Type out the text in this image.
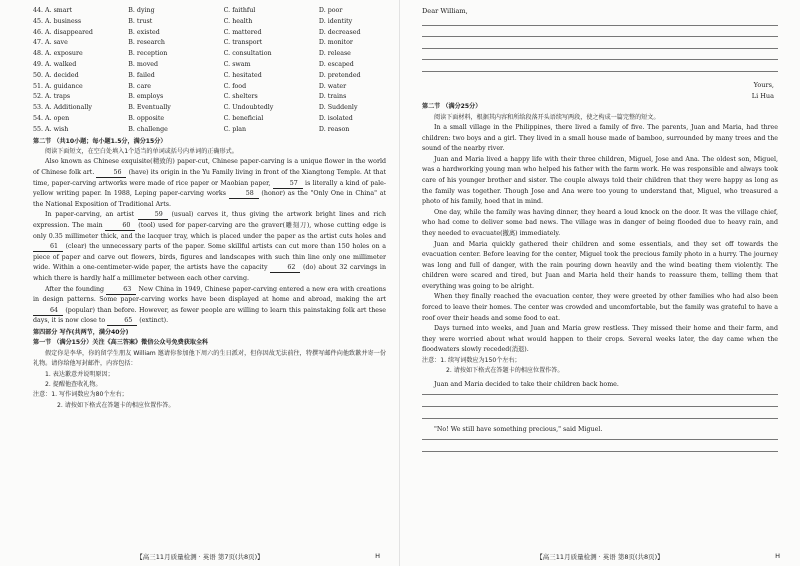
44. A. smart	B. dying	C. faithful	D. poor
45. A. business	B. trust	C. health	D. identity
46. A. disappeared	B. existed	C. mattered	D. decreased
47. A. save	B. research	C. transport	D. monitor
48. A. exposure	B. reception	C. consultation	D. release
49. A. walked	B. moved	C. swam	D. escaped
50. A. decided	B. failed	C. hesitated	D. pretended
51. A. guidance	B. care	C. food	D. water
52. A. traps	B. employs	C. shelters	D. trains
53. A. Additionally	B. Eventually	C. Undoubtedly	D. Suddenly
54. A. open	B. opposite	C. beneficial	D. isolated
55. A. wish	B. challenge	C. plan	D. reason

第二节 （共10小题；每小题1.5分，满分15分）

阅读下面短文，在空白处填入1个适当的单词或括号内单词的正确形式。

Also known as Chinese exquisite(精致的) paper-cut, Chinese paper-carving is a unique flower in the world of Chinese folk art.	56 (have) its origin in the Yu Family living in front of the Xiangtong Temple. At that time, paper-carving artworks were made of rice paper or Maobian paper,	57 is literally a kind of pale-yellow writing paper. In 1988, Leping paper-carving works	58 (honor) as the "Only One in China" at the National Exposition of Traditional Arts.

In paper-carving, an artist	59 (usual) carves it, thus giving the artwork bright lines and rich expression. The main	60 (tool) used for paper-carving are the graver(雕刻刀), whose cutting edge is only 0.35 millimeter thick, and the lacquer tray, which is placed under the paper as the artist cuts holes and 61 (clear) the unnecessary parts of the paper. Some skillful artists can cut more than 150 holes on a piece of paper and carve out flowers, birds, figures and landscapes with such thin line only one millimeter wide. Within a one-centimeter-wide paper, the artists have the capacity	62 (do) about 32 carvings in which there is hardly half a millimeter between each other carving.

After the founding	63 New China in 1949, Chinese paper-carving entered a new era with creations in design patterns. Some paper-carving works have been displayed at home and abroad, making the art 64 (popular) than before. However, as fewer people are willing to learn this painstaking folk art these days, it is now close to	65 (extinct).

第四部分 写作(共两节，满分40分)

第一节 （满分15分）关注《高三答案》微信公众号免费获取全科

假定你是李华，你的留学生朋友 William 邀请你参加他下周六的生日派对，但你因故无法前往，特撰写邮件向他致歉并寄一份礼物。请你给他写封邮件，内容包括：

1. 表达歉意并说明原因；

2. 提醒他查收礼物。

注意：1. 写作词数应为80个左右；

2. 请按如下格式在答题卡的相应位置作答。

【高三11月质量检测 · 英语 第7页(共8页)】	H

Dear William,

Yours,

Li Hua

第二节 （满分25分）

阅读下面材料，根据其内容和所给段落开头语续写两段，使之构成一篇完整的短文。

In a small village in the Philippines, there lived a family of five. The parents, Juan and Maria, had three children: two boys and a girl. They lived in a small house made of bamboo, surrounded by many trees and the sound of the nearby river.

Juan and Maria lived a happy life with their three children, Miguel, Jose and Ana. The oldest son, Miguel, was a hardworking young man who helped his father with the farm work. He was responsible and always took care of his younger brother and sister. The couple always told their children that they were happy as long as the family was together. Though Jose and Ana were too young to understand that, Miguel, who treasured a photo of his family, hoed that in mind.

One day, while the family was having dinner, they heard a loud knock on the door. It was the village chief, who had come to deliver some bad news. The village was in danger of being flooded due to heavy rain, and they needed to evacuate(撤离) immediately.

Juan and Maria quickly gathered their children and some essentials, and they set off towards the evacuation center. Before leaving for the center, Miguel took the precious family photo in a hurry. The journey was long and full of danger, with the rain pouring down heavily and the wind beating them violently. The children were scared and tired, but Juan and Maria held their hands to reassure them, telling them that everything was going to be alright.

When they finally reached the evacuation center, they were greeted by other families who had also been forced to leave their homes. The center was crowded and uncomfortable, but the family was grateful to have a roof over their heads and some food to eat.

Days turned into weeks, and Juan and Maria grew restless. They missed their home and their farm, and they were worried about what would happen to their crops. Several weeks later, the day came when the floodwaters slowly receded(消退).

注意：1. 续写词数应为150个左右；

2. 请按如下格式在答题卡的相应位置作答。

Juan and Maria decided to take their children back home.

"No! We still have something precious," said Miguel.

【高三11月质量检测 · 英语 第8页(共8页)】	H
